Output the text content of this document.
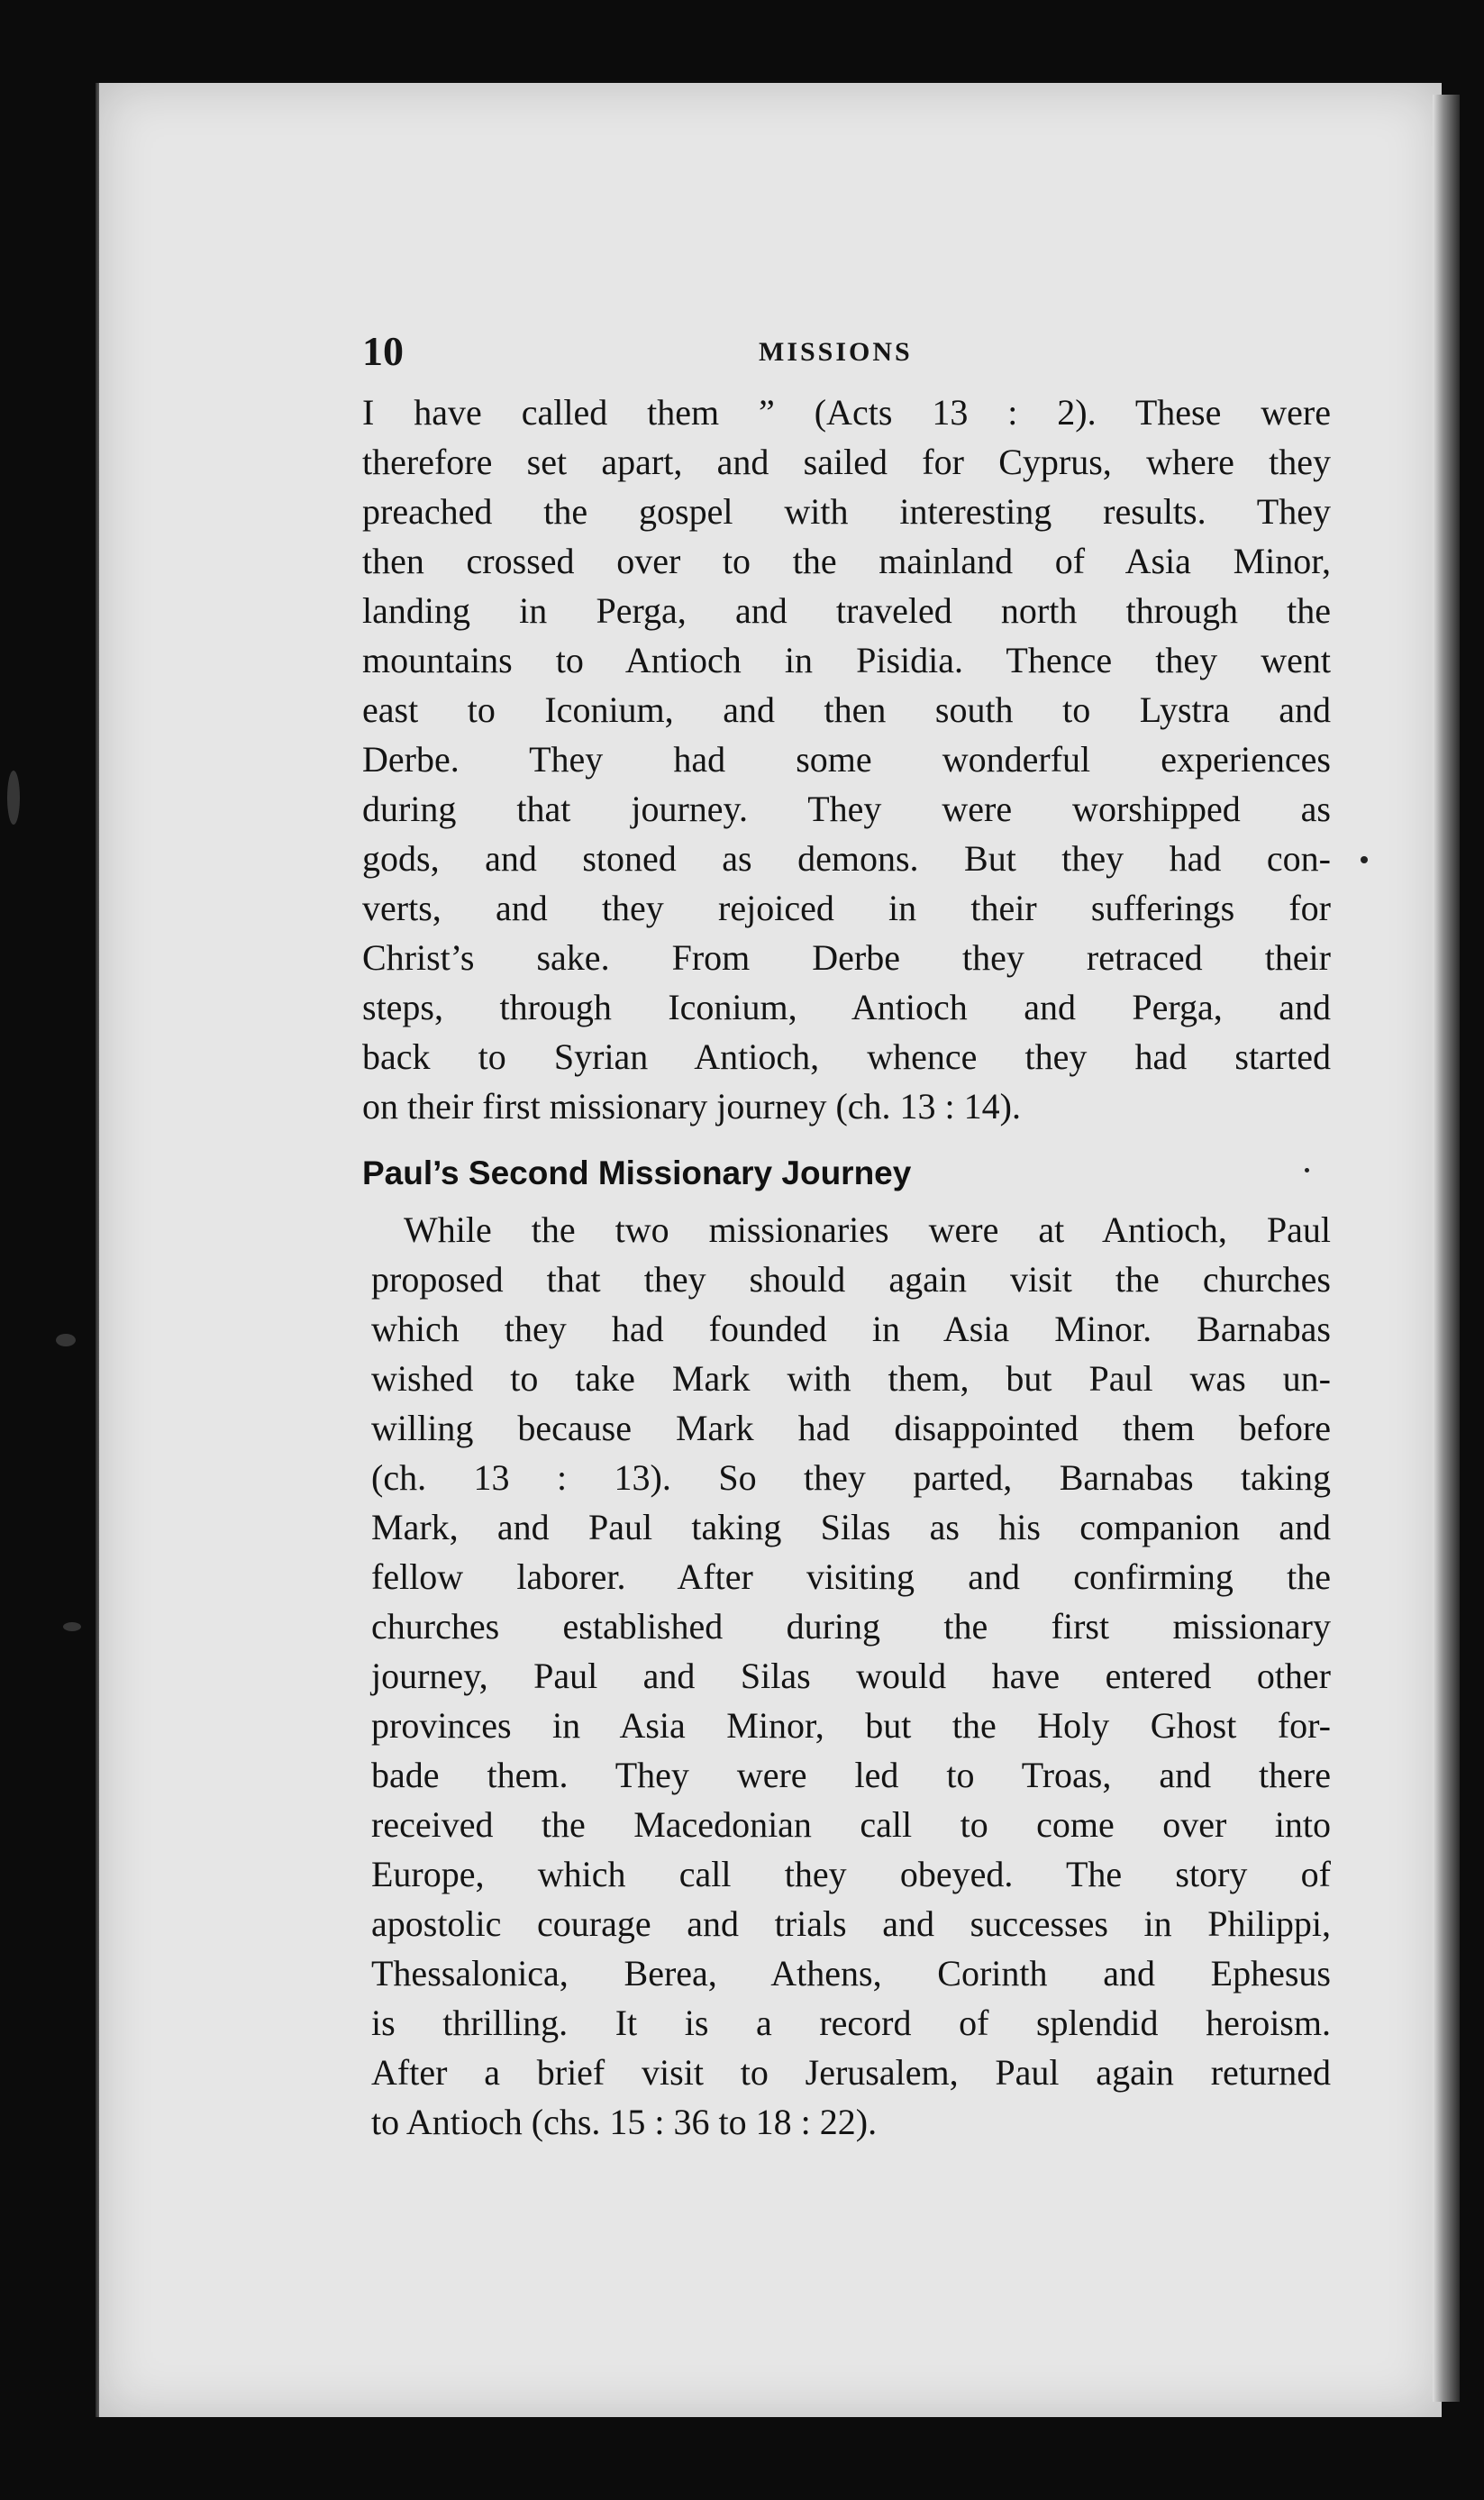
10	MISSIONS
I have called them ” (Acts 13 : 2). These were
therefore set apart, and sailed for Cyprus, where they
preached the gospel with interesting results. They
then crossed over to the mainland of Asia Minor,
landing in Perga, and traveled north through the
mountains to Antioch in Pisidia. Thence they went
east to Iconium, and then south to Lystra and
Derbe. They had some wonderful experiences
during that journey. They were worshipped as
gods, and stoned as demons. But they had con-
verts, and they rejoiced in their sufferings for
Christ’s sake. From Derbe they retraced their
steps, through Iconium, Antioch and Perga, and
back to Syrian Antioch, whence they had started
on their first missionary journey (ch. 13 : 14).
Paul’s Second Missionary Journey
While the two missionaries were at Antioch, Paul
proposed that they should again visit the churches
which they had founded in Asia Minor. Barnabas
wished to take Mark with them, but Paul was un-
willing because Mark had disappointed them before
(ch. 13 : 13). So they parted, Barnabas taking
Mark, and Paul taking Silas as his companion and
fellow laborer. After visiting and confirming the
churches established during the first missionary
journey, Paul and Silas would have entered other
provinces in Asia Minor, but the Holy Ghost for-
bade them. They were led to Troas, and there
received the Macedonian call to come over into
Europe, which call they obeyed. The story of
apostolic courage and trials and successes in Philippi,
Thessalonica, Berea, Athens, Corinth and Ephesus
is thrilling. It is a record of splendid heroism.
After a brief visit to Jerusalem, Paul again returned
to Antioch (chs. 15 : 36 to 18 : 22).
